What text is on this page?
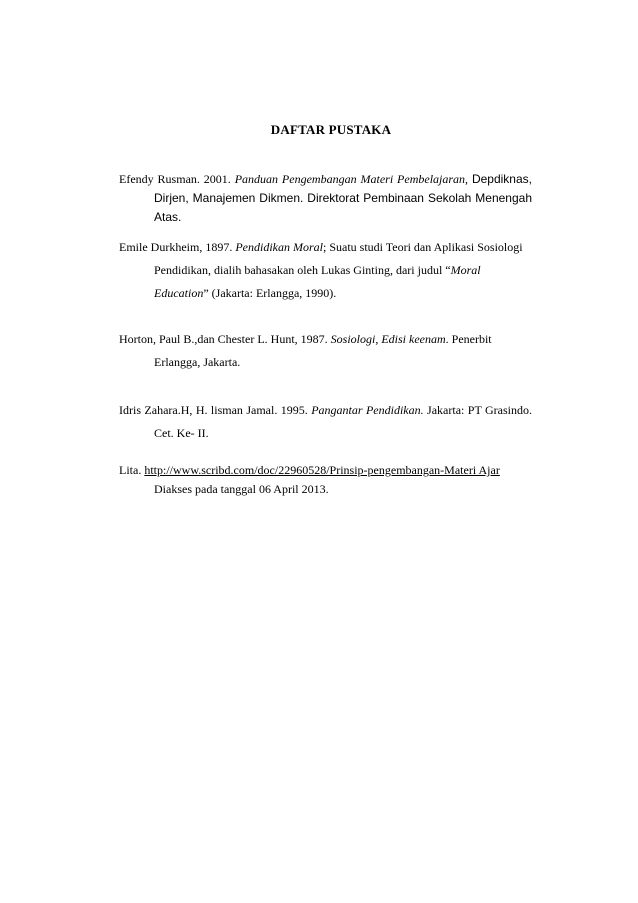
DAFTAR PUSTAKA
Efendy Rusman. 2001. Panduan Pengembangan Materi Pembelajaran, Depdiknas, Dirjen, Manajemen Dikmen. Direktorat Pembinaan Sekolah Menengah Atas.
Emile Durkheim, 1897. Pendidikan Moral; Suatu studi Teori dan Aplikasi Sosiologi Pendidikan, dialih bahasakan oleh Lukas Ginting, dari judul “Moral Education” (Jakarta: Erlangga, 1990).
Horton, Paul B.,dan Chester L. Hunt, 1987. Sosiologi, Edisi keenam. Penerbit Erlangga, Jakarta.
Idris Zahara.H, H. lisman Jamal. 1995. Pangantar Pendidikan. Jakarta: PT Grasindo. Cet. Ke- II.
Lita. http://www.scribd.com/doc/22960528/Prinsip-pengembangan-Materi Ajar Diakses pada tanggal 06 April 2013.
